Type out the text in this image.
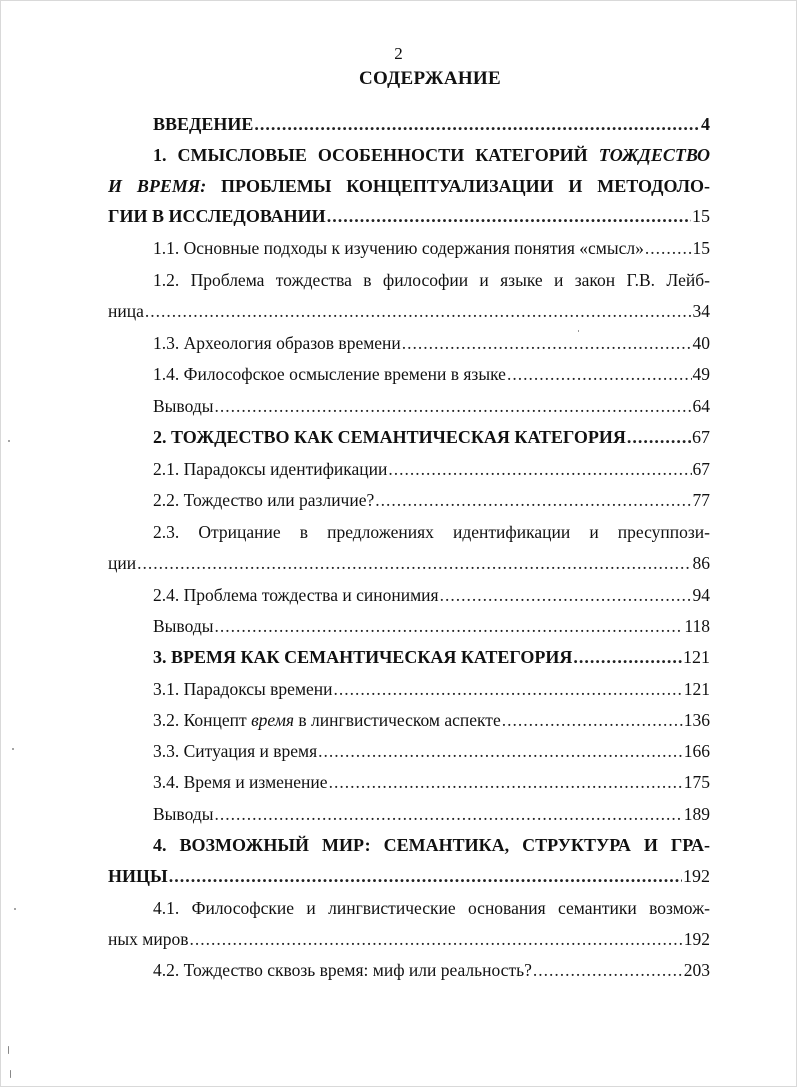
2
СОДЕРЖАНИЕ
ВВЕДЕНИЕ .....	4
1. СМЫСЛОВЫЕ ОСОБЕННОСТИ КАТЕГОРИЙ ТОЖДЕСТВО
И ВРЕМЯ: ПРОБЛЕМЫ КОНЦЕПТУАЛИЗАЦИИ И МЕТОДОЛО-
ГИИ В ИССЛЕДОВАНИИ .....	15
1.1. Основные подходы к изучению содержания понятия «смысл» .....	15
1.2. Проблема тождества в философии и языке и закон Г.В. Лейб-
ница .....	34
1.3. Археология образов времени .....	40
1.4. Философское осмысление времени в языке .....	49
Выводы .....	64
2. ТОЖДЕСТВО КАК СЕМАНТИЧЕСКАЯ КАТЕГОРИЯ .....	67
2.1. Парадоксы идентификации .....	67
2.2. Тождество или различие? .....	77
2.3. Отрицание в предложениях идентификации и пресуппози-
ции .....	86
2.4. Проблема тождества и синонимия .....	94
Выводы .....	118
3. ВРЕМЯ КАК СЕМАНТИЧЕСКАЯ КАТЕГОРИЯ .....	121
3.1. Парадоксы времени .....	121
3.2. Концепт время в лингвистическом аспекте .....	136
3.3. Ситуация и время .....	166
3.4. Время и изменение .....	175
Выводы .....	189
4. ВОЗМОЖНЫЙ МИР: СЕМАНТИКА, СТРУКТУРА И ГРА-
НИЦЫ .....	192
4.1. Философские и лингвистические основания семантики возмож-
ных миров .....	192
4.2. Тождество сквозь время: миф или реальность? .....	203
